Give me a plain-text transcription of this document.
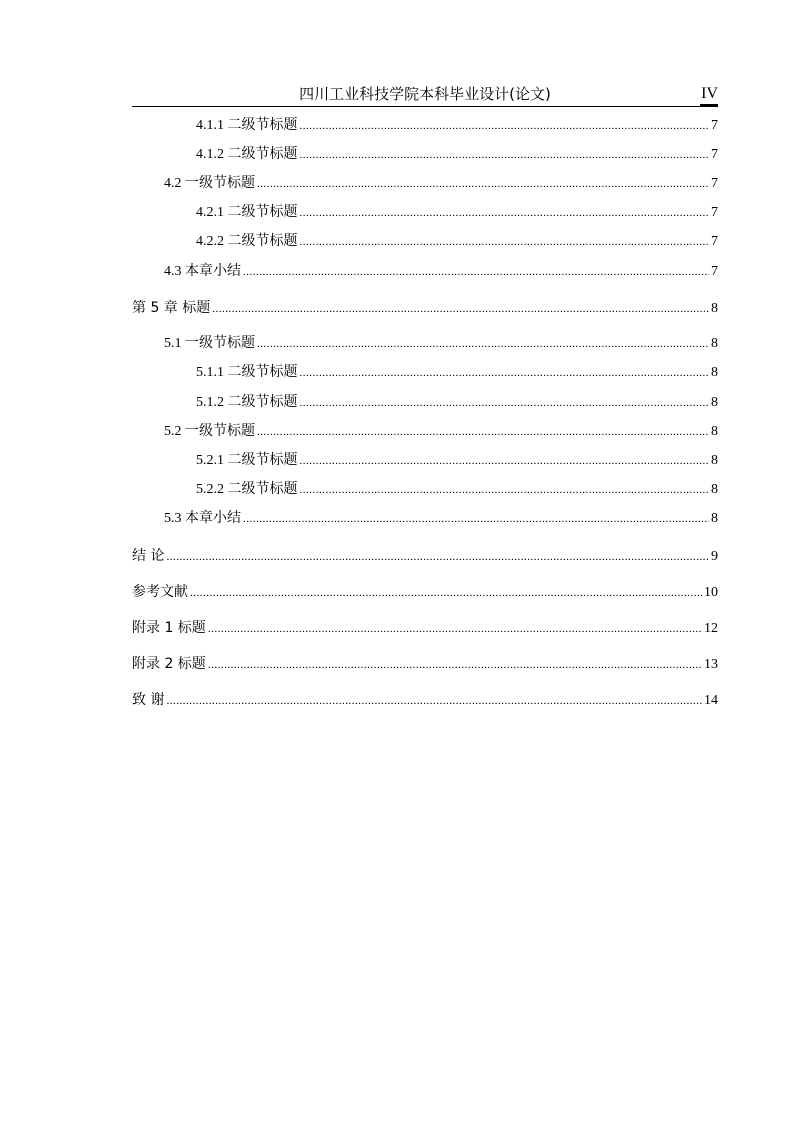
四川工业科技学院本科毕业设计(论文)	IV
4.1.1 二级节标题 .....	7
4.1.2 二级节标题 .....	7
4.2 一级节标题 .....	7
4.2.1 二级节标题 .....	7
4.2.2 二级节标题 .....	7
4.3 本章小结 .....	7
第 5 章 标题 .....	8
5.1 一级节标题 .....	8
5.1.1 二级节标题 .....	8
5.1.2 二级节标题 .....	8
5.2 一级节标题 .....	8
5.2.1 二级节标题 .....	8
5.2.2 二级节标题 .....	8
5.3 本章小结 .....	8
结 论 .....	9
参考文献 .....	10
附录 1 标题 .....	12
附录 2 标题 .....	13
致 谢 .....	14
